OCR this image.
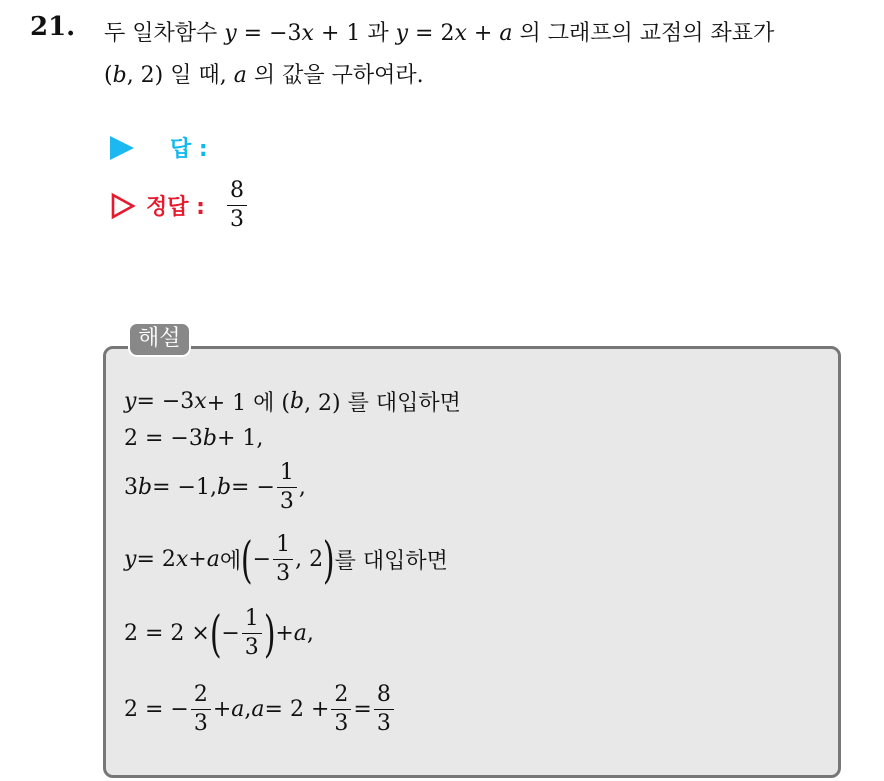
21. 두 일차함수 y = −3x + 1 과 y = 2x + a 의 그래프의 교점의 좌표가
(b, 2) 일 때, a 의 값을 구하여라.
답 :
정답 : $\frac{8}{3}$
해설
y = −3 x + 1 에 ( b , 2) 를 대입하면
2 = −3 b + 1,
3 b = −1, b = − $\frac{1}{3}$ ,
y = 2 x + a 에 ( − $\frac{1}{3}$ , 2 ) 를 대입하면
2 = 2 × ( − $\frac{1}{3}$ ) + a ,
2 = − $\frac{2}{3} + a$ , $a = 2 + \frac{2}{3} = \frac{8}{3}$
